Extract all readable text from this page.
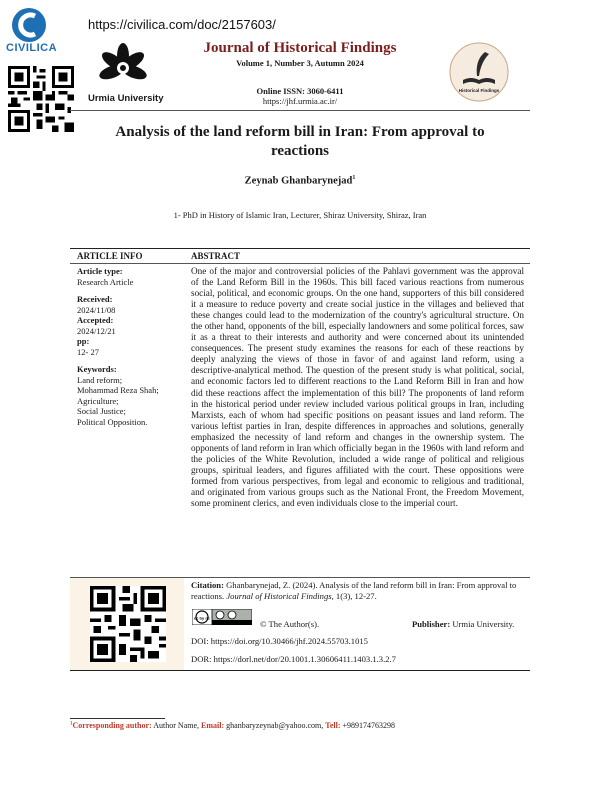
CIVILICA
https://civilica.com/doc/2157603/
Urmia University
Journal of Historical Findings
Volume 1, Number 3, Autumn 2024
Online ISSN: 3060-6411
https://jhf.urmia.ac.ir/
Historical Findings
Analysis of the land reform bill in Iran: From approval to reactions
Zeynab Ghanbarynejad$^1$
1- PhD in History of Islamic Iran, Lecturer, Shiraz University, Shiraz, Iran
ARTICLE INFO	ABSTRACT
Article type:
Research Article
Received:
2024/11/08
Accepted:
2024/12/21
pp:
12- 27
Keywords:
Land reform;
Mohammad Reza Shah;
Agriculture;
Social Justice;
Political Opposition.
One of the major and controversial policies of the Pahlavi government was the approval of the Land Reform Bill in the 1960s. This bill faced various reactions from numerous social, political, and economic groups. On the one hand, supporters of this bill considered it a measure to reduce poverty and create social justice in the villages and believed that these changes could lead to the modernization of the country's agricultural structure. On the other hand, opponents of the bill, especially landowners and some political forces, saw it as a threat to their interests and authority and were concerned about its unintended consequences. The present study examines the reasons for each of these reactions by deeply analyzing the views of those in favor of and against land reform, using a descriptive-analytical method. The question of the present study is what political, social, and economic factors led to different reactions to the Land Reform Bill in Iran and how did these reactions affect the implementation of this bill? The proponents of land reform in the historical period under review included various political groups in Iran, including Marxists, each of whom had specific positions on peasant issues and land reform. The various leftist parties in Iran, despite differences in approaches and solutions, generally emphasized the necessity of land reform and changes in the ownership system. The opponents of land reform in Iran which officially began in the 1960s with land reform and the policies of the White Revolution, included a wide range of political and religious groups, spiritual leaders, and figures affiliated with the court. These oppositions were formed from various perspectives, from legal and economic to religious and traditional, and originated from various groups such as the National Front, the Freedom Movement, some prominent clerics, and even individuals close to the imperial court.
Citation: Ghanbarynejad, Z. (2024). Analysis of the land reform bill in Iran: From approval to reactions. Journal of Historical Findings, 1(3), 12-27.
cc by nc
© The Author(s).	Publisher: Urmia University.
DOI: https://doi.org/10.30466/jhf.2024.55703.1015
DOR: https://dorl.net/dor/20.1001.1.30606411.1403.1.3.2.7
$^1$Corresponding author: Author Name, Email: ghanbaryzeynab@yahoo.com, Tell: +989174763298
